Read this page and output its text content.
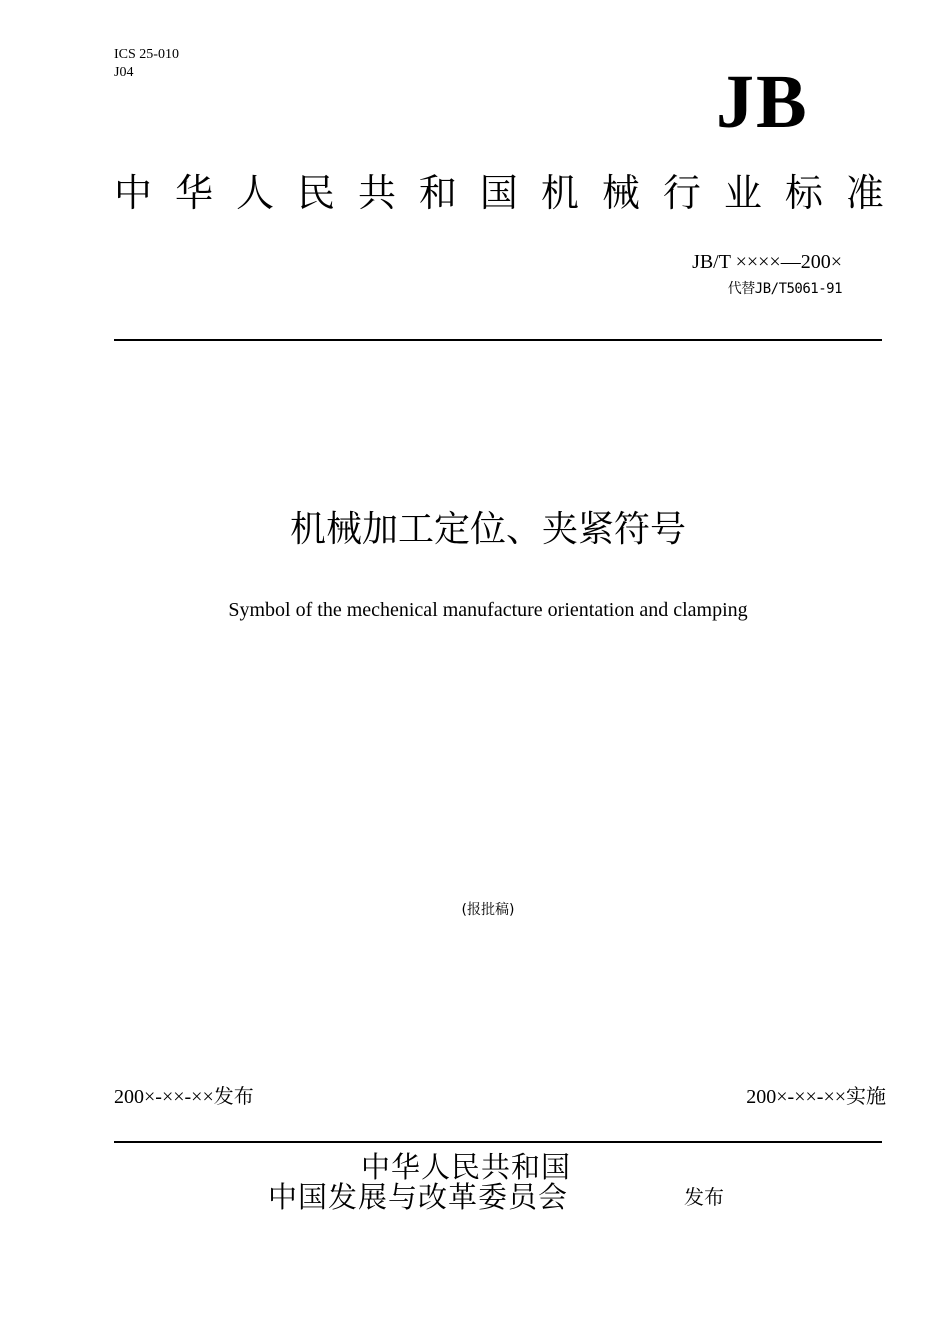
ICS 25-010
J04	JB
中 华 人 民 共 和 国 机 械 行 业 标 准
JB/T ××××—200×
代替JB/T5061-91
机械加工定位、夹紧符号
Symbol of the mechenical manufacture orientation and clamping
(报批稿)
200×-××-××发布	200×-××-××实施
中华人民共和国
中国发展与改革委员会	发布
